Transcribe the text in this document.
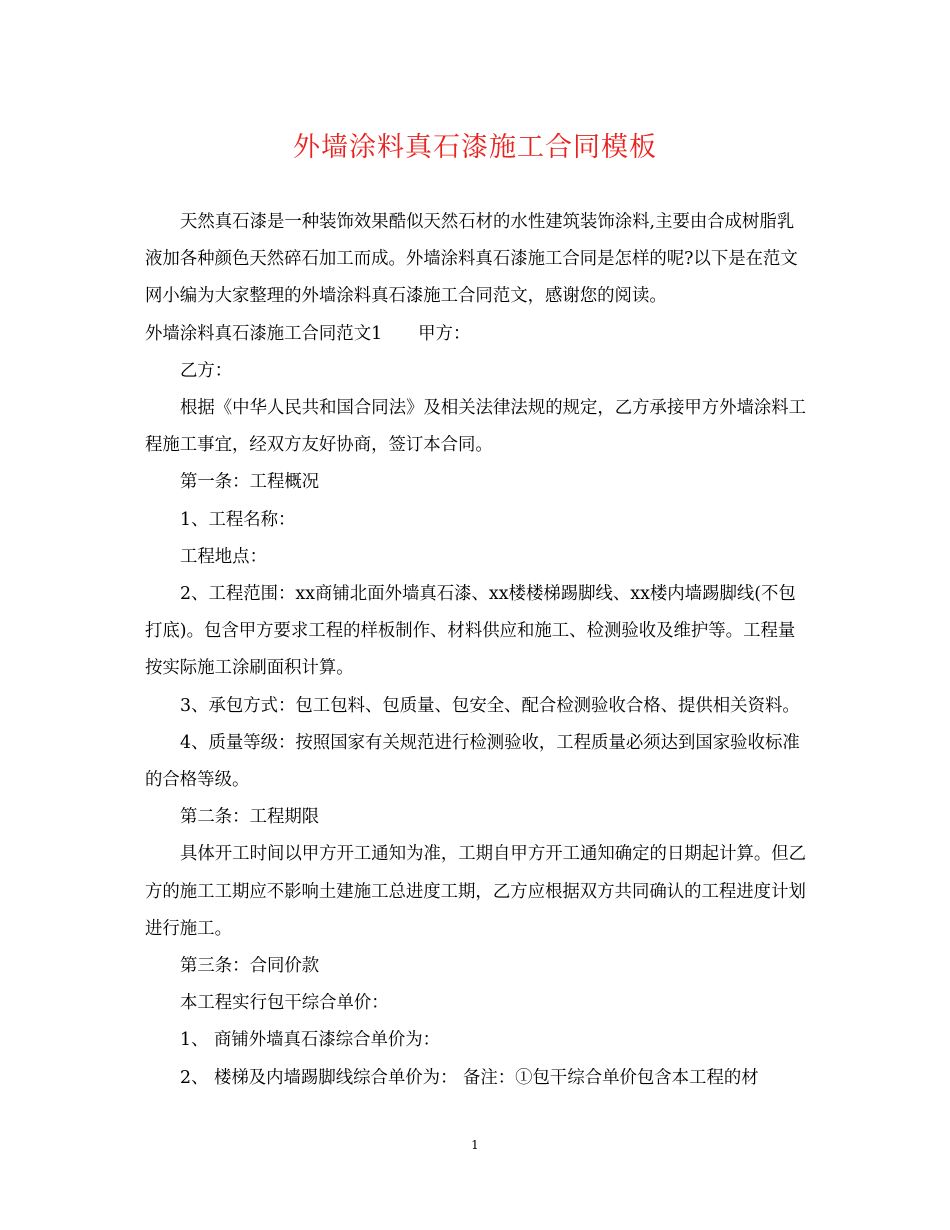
外墙涂料真石漆施工合同模板

天然真石漆是一种装饰效果酷似天然石材的水性建筑装饰涂料,主要由合成树脂乳液加各种颜色天然碎石加工而成。外墙涂料真石漆施工合同是怎样的呢?以下是在范文网小编为大家整理的外墙涂料真石漆施工合同范文，感谢您的阅读。

外墙涂料真石漆施工合同范文1 甲方：

乙方：

根据《中华人民共和国合同法》及相关法律法规的规定，乙方承接甲方外墙涂料工程施工事宜，经双方友好协商，签订本合同。

第一条：工程概况

1、工程名称：

工程地点：

2、工程范围：xx商铺北面外墙真石漆、xx楼楼梯踢脚线、xx楼内墙踢脚线(不包打底)。包含甲方要求工程的样板制作、材料供应和施工、检测验收及维护等。工程量按实际施工涂刷面积计算。

3、承包方式：包工包料、包质量、包安全、配合检测验收合格、提供相关资料。

4、质量等级：按照国家有关规范进行检测验收，工程质量必须达到国家验收标准的合格等级。

第二条：工程期限

具体开工时间以甲方开工通知为准，工期自甲方开工通知确定的日期起计算。但乙方的施工工期应不影响土建施工总进度工期，乙方应根据双方共同确认的工程进度计划进行施工。

第三条：合同价款

本工程实行包干综合单价：

1、 商铺外墙真石漆综合单价为：

2、 楼梯及内墙踢脚线综合单价为： 备注：①包干综合单价包含本工程的材

1
